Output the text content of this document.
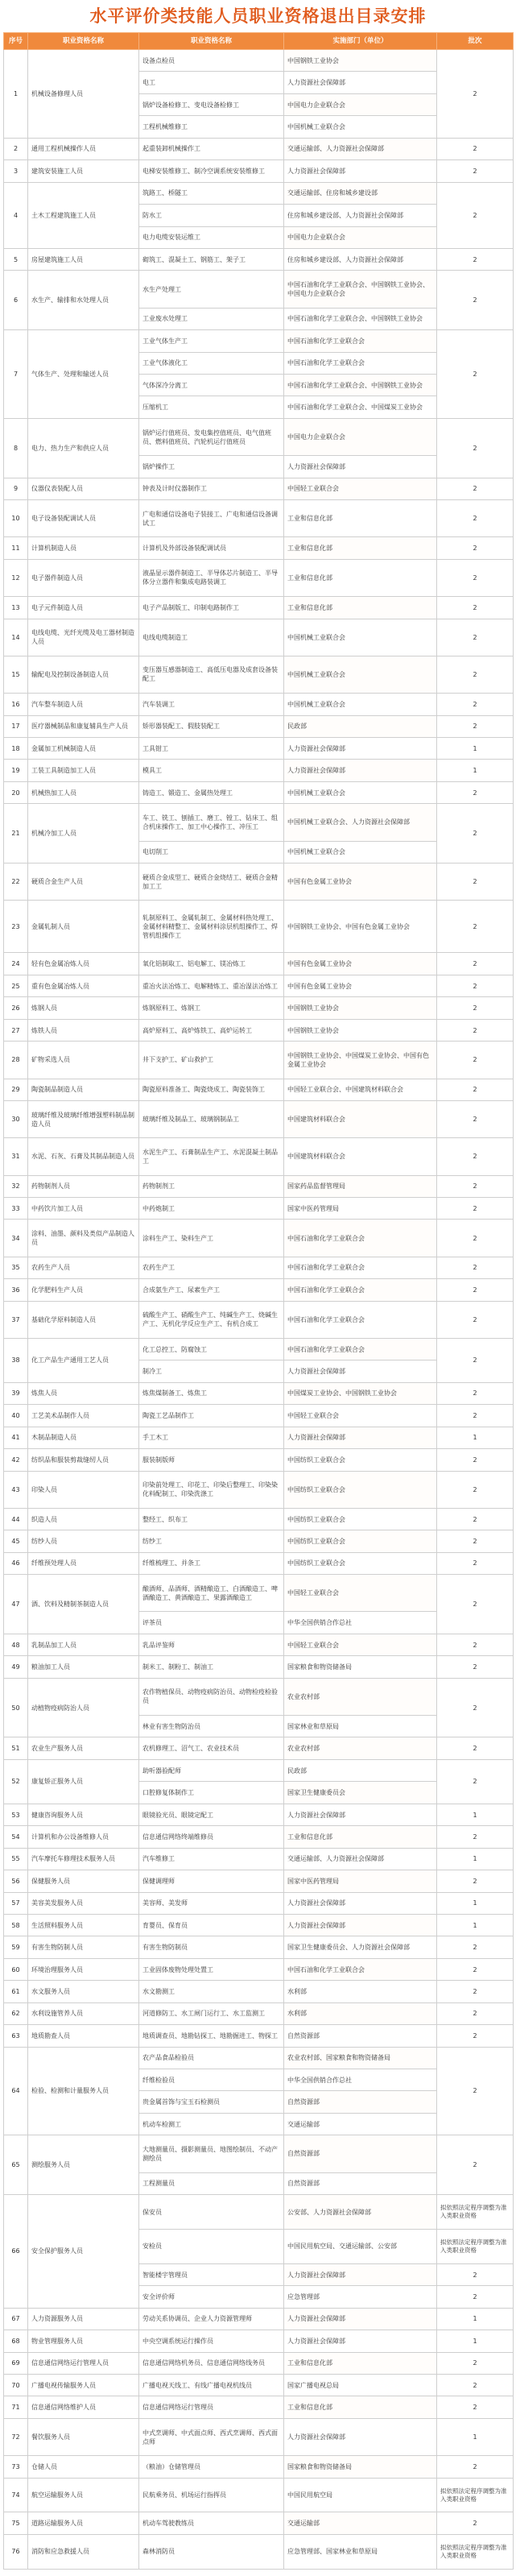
水平评价类技能人员职业资格退出目录安排
序号	职业资格名称	职业资格名称	实施部门（单位）	批次
1	机械设备修理人员	设备点检员	中国钢铁工业协会	2
		电工	人力资源社会保障部	
		锅炉设备检修工、变电设备检修工	中国电力企业联合会	
		工程机械维修工	中国机械工业联合会	
2	通用工程机械操作人员	起重装卸机械操作工	交通运输部、人力资源社会保障部	2
3	建筑安装施工人员	电梯安装维修工、制冷空调系统安装维修工	人力资源社会保障部	2
4	土木工程建筑施工人员	筑路工、桥隧工	交通运输部、住房和城乡建设部	2
		防水工	住房和城乡建设部、人力资源社会保障部	
		电力电缆安装运维工	中国电力企业联合会	
5	房屋建筑施工人员	砌筑工、混凝土工、钢筋工、架子工	住房和城乡建设部、人力资源社会保障部	2
6	水生产、输排和水处理人员	水生产处理工	中国石油和化学工业联合会、中国钢铁工业协会、中国电力企业联合会	2
		工业废水处理工	中国石油和化学工业联合会、中国钢铁工业协会	
7	气体生产、处理和输送人员	工业气体生产工	中国石油和化学工业联合会	2
		工业气体液化工	中国石油和化学工业联合会	
		气体深冷分离工	中国石油和化学工业联合会、中国钢铁工业协会	
		压缩机工	中国石油和化学工业联合会、中国煤炭工业协会	
8	电力、热力生产和供应人员	锅炉运行值班员、发电集控值班员、电气值班员、燃料值班员、汽轮机运行值班员	中国电力企业联合会	2
		锅炉操作工	人力资源社会保障部	
9	仪器仪表装配人员	钟表及计时仪器制作工	中国轻工业联合会	2
10	电子设备装配调试人员	广电和通信设备电子装接工、广电和通信设备调试工	工业和信息化部	2
11	计算机制造人员	计算机及外部设备装配调试员	工业和信息化部	2
12	电子器件制造人员	液晶显示器件制造工、半导体芯片制造工、半导体分立器件和集成电路装调工	工业和信息化部	2
13	电子元件制造人员	电子产品制版工、印制电路制作工	工业和信息化部	2
14	电线电缆、光纤光缆及电工器材制造人员	电线电缆制造工	中国机械工业联合会	2
15	输配电及控制设备制造人员	变压器互感器制造工、高低压电器及成套设备装配工	中国机械工业联合会	2
16	汽车整车制造人员	汽车装调工	中国机械工业联合会	2
17	医疗器械制品和康复辅具生产人员	矫形器装配工、假肢装配工	民政部	2
18	金属加工机械制造人员	工具钳工	人力资源社会保障部	1
19	工装工具制造加工人员	模具工	人力资源社会保障部	1
20	机械热加工人员	铸造工、锻造工、金属热处理工	中国机械工业联合会	2
21	机械冷加工人员	车工、铣工、刨插工、磨工、镗工、钻床工、组合机床操作工、加工中心操作工、冲压工	中国机械工业联合会、人力资源社会保障部	2
		电切削工	中国机械工业联合会	
22	硬质合金生产人员	硬质合金成型工、硬质合金烧结工、硬质合金精加工工	中国有色金属工业协会	2
23	金属轧制人员	轧制原料工、金属轧制工、金属材料热处理工、金属材料精整工、金属材料涂层机组操作工、焊管机组操作工	中国钢铁工业协会、中国有色金属工业协会	2
24	轻有色金属冶炼人员	氧化铝制取工、铝电解工、镁冶炼工	中国有色金属工业协会	2
25	重有色金属冶炼人员	重冶火法冶炼工、电解精炼工、重冶湿法冶炼工	中国有色金属工业协会	2
26	炼钢人员	炼钢原料工、炼钢工	中国钢铁工业协会	2
27	炼铁人员	高炉原料工、高炉炼铁工、高炉运转工	中国钢铁工业协会	2
28	矿物采选人员	井下支护工、矿山救护工	中国钢铁工业协会、中国煤炭工业协会、中国有色金属工业协会	2
29	陶瓷制品制造人员	陶瓷原料准备工、陶瓷烧成工、陶瓷装饰工	中国轻工业联合会、中国建筑材料联合会	2
30	玻璃纤维及玻璃纤维增强塑料制品制造人员	玻璃纤维及制品工、玻璃钢制品工	中国建筑材料联合会	2
31	水泥、石灰、石膏及其制品制造人员	水泥生产工、石膏制品生产工、水泥混凝土制品工	中国建筑材料联合会	2
32	药物制剂人员	药物制剂工	国家药品监督管理局	2
33	中药饮片加工人员	中药炮制工	国家中医药管理局	2
34	涂料、油墨、颜料及类似产品制造人员	涂料生产工、染料生产工	中国石油和化学工业联合会	2
35	农药生产人员	农药生产工	中国石油和化学工业联合会	2
36	化学肥料生产人员	合成氨生产工、尿素生产工	中国石油和化学工业联合会	2
37	基础化学原料制造人员	硫酸生产工、硝酸生产工、纯碱生产工、烧碱生产工、无机化学反应生产工、有机合成工	中国石油和化学工业联合会	2
38	化工产品生产通用工艺人员	化工总控工、防腐蚀工	中国石油和化学工业联合会	2
		制冷工	人力资源社会保障部	
39	炼焦人员	炼焦煤制备工、炼焦工	中国煤炭工业协会、中国钢铁工业协会	2
40	工艺美术品制作人员	陶瓷工艺品制作工	中国轻工业联合会	2
41	木制品制造人员	手工木工	人力资源社会保障部	1
42	纺织品和服装剪裁缝纫人员	服装制版师	中国纺织工业联合会	2
43	印染人员	印染前处理工、印花工、印染后整理工、印染染化料配制工、印染洗涤工	中国纺织工业联合会	2
44	织造人员	整经工、织布工	中国纺织工业联合会	2
45	纺纱人员	纺纱工	中国纺织工业联合会	2
46	纤维预处理人员	纤维梳理工、并条工	中国纺织工业联合会	2
47	酒、饮料及精制茶制造人员	酿酒师、品酒师、酒精酿造工、白酒酿造工、啤酒酿造工、黄酒酿造工、果露酒酿造工	中国轻工业联合会	2
		评茶员	中华全国供销合作总社	
48	乳制品加工人员	乳品评鉴师	中国轻工业联合会	2
49	粮油加工人员	制米工、制粉工、制油工	国家粮食和物资储备局	2
50	动植物疫病防治人员	农作物植保员、动物疫病防治员、动物检疫检验员	农业农村部	2
		林业有害生物防治员	国家林业和草原局	
51	农业生产服务人员	农机修理工、沼气工、农业技术员	农业农村部	2
52	康复矫正服务人员	助听器验配师	民政部	2
		口腔修复体制作工	国家卫生健康委员会	
53	健康咨询服务人员	眼镜验光员、眼镜定配工	人力资源社会保障部	1
54	计算机和办公设备维修人员	信息通信网络终端维修员	工业和信息化部	2
55	汽车摩托车修理技术服务人员	汽车维修工	交通运输部、人力资源社会保障部	1
56	保健服务人员	保健调理师	国家中医药管理局	2
57	美容美发服务人员	美容师、美发师	人力资源社会保障部	1
58	生活照料服务人员	育婴员、保育员	人力资源社会保障部	1
59	有害生物防制人员	有害生物防制员	国家卫生健康委员会、人力资源社会保障部	2
60	环境治理服务人员	工业固体废物处理处置工	中国石油和化学工业联合会	2
61	水文服务人员	水文勘测工	水利部	2
62	水利设施管养人员	河道修防工、水工闸门运行工、水工监测工	水利部	2
63	地质勘查人员	地质调查员、地勘钻探工、地勘掘进工、物探工	自然资源部	2
64	检验、检测和计量服务人员	农产品食品检验员	农业农村部、国家粮食和物资储备局	2
		纤维检验员	中华全国供销合作总社	
		贵金属首饰与宝玉石检测员	自然资源部	
		机动车检测工	交通运输部	
65	测绘服务人员	大地测量员、摄影测量员、地图绘制员、不动产测绘员	自然资源部	2
		工程测量员	自然资源部	
66	安全保护服务人员	保安员	公安部、人力资源社会保障部	拟依照法定程序调整为准入类职业资格
		安检员	中国民用航空局、交通运输部、公安部	拟依照法定程序调整为准入类职业资格
		智能楼宇管理员	人力资源社会保障部	2
		安全评价师	应急管理部	2
67	人力资源服务人员	劳动关系协调员、企业人力资源管理师	人力资源社会保障部	1
68	物业管理服务人员	中央空调系统运行操作员	人力资源社会保障部	1
69	信息通信网络运行管理人员	信息通信网络机务员、信息通信网络线务员	工业和信息化部	2
70	广播电视传输服务人员	广播电视天线工、有线广播电视机线员	国家广播电视总局	2
71	信息通信网络维护人员	信息通信网络运行管理员	工业和信息化部	2
72	餐饮服务人员	中式烹调师、中式面点师、西式烹调师、西式面点师	人力资源社会保障部	1
73	仓储人员	（粮油）仓储管理员	国家粮食和物资储备局	2
74	航空运输服务人员	民航乘务员、机场运行指挥员	中国民用航空局	拟依照法定程序调整为准入类职业资格
75	道路运输服务人员	机动车驾驶教练员	交通运输部	2
76	消防和应急救援人员	森林消防员	应急管理部、国家林业和草原局	拟依照法定程序调整为准入类职业资格
